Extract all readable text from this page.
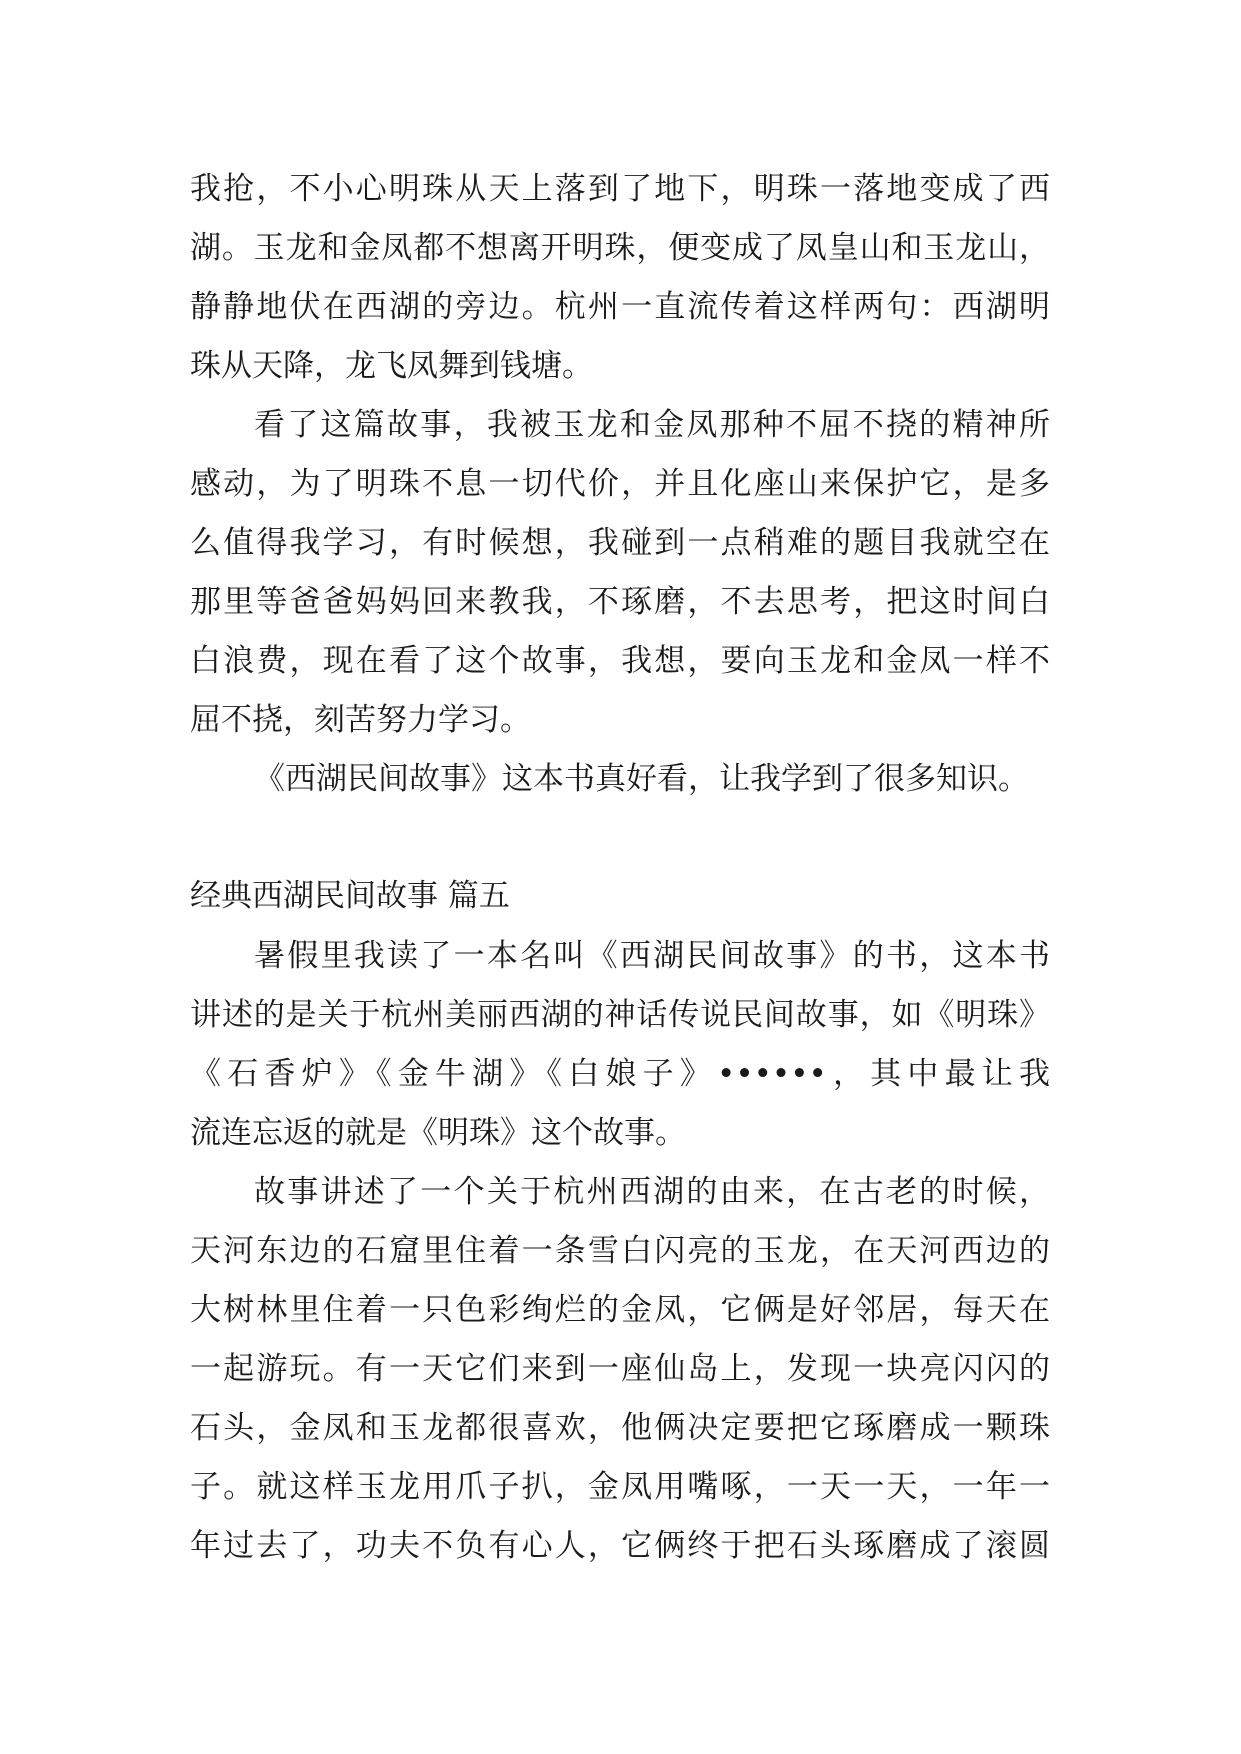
我抢，不小心明珠从天上落到了地下，明珠一落地变成了西
湖。玉龙和金凤都不想离开明珠，便变成了凤皇山和玉龙山，
静静地伏在西湖的旁边。杭州一直流传着这样两句：西湖明
珠从天降，龙飞凤舞到钱塘。
看了这篇故事，我被玉龙和金凤那种不屈不挠的精神所
感动，为了明珠不息一切代价，并且化座山来保护它，是多
么值得我学习，有时候想，我碰到一点稍难的题目我就空在
那里等爸爸妈妈回来教我，不琢磨，不去思考，把这时间白
白浪费，现在看了这个故事，我想，要向玉龙和金凤一样不
屈不挠，刻苦努力学习。
《西湖民间故事》这本书真好看，让我学到了很多知识。
经典西湖民间故事 篇五
暑假里我读了一本名叫《西湖民间故事》的书，这本书
讲述的是关于杭州美丽西湖的神话传说民间故事，如《明珠》
《石香炉》《金牛湖》《白娘子》••••••，其中最让我
流连忘返的就是《明珠》这个故事。
故事讲述了一个关于杭州西湖的由来，在古老的时候，
天河东边的石窟里住着一条雪白闪亮的玉龙，在天河西边的
大树林里住着一只色彩绚烂的金凤，它俩是好邻居，每天在
一起游玩。有一天它们来到一座仙岛上，发现一块亮闪闪的
石头，金凤和玉龙都很喜欢，他俩决定要把它琢磨成一颗珠
子。就这样玉龙用爪子扒，金凤用嘴啄，一天一天，一年一
年过去了，功夫不负有心人，它俩终于把石头琢磨成了滚圆
